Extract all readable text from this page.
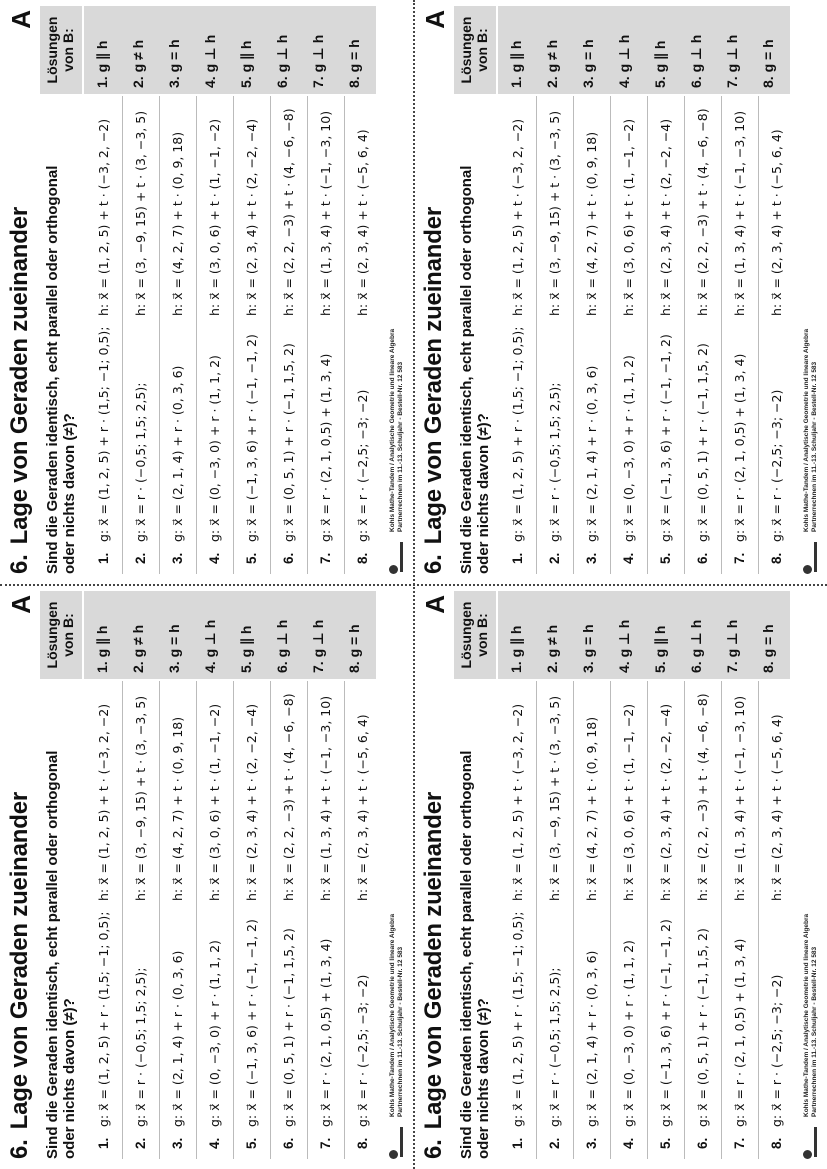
6.Lage von Geraden zueinander
A
Sind die Geraden identisch, echt parallel oder orthogonal oder nichts davon (≠)?
Lösungen von B:	1. g ∥ h 2. g ≠ h 3. g = h 4. g ⊥ h 5. g ∥ h 6. g ⊥ h 7. g ⊥ h 8. g = h
1.
g: x⃗ = (1, 2, 5) + r · (1,5; −1; 0,5);
h: x⃗ = (1, 2, 5) + t · (−3, 2, −2)
2.
g: x⃗ = r · (−0,5; 1,5; 2,5);
h: x⃗ = (3, −9, 15) + t · (3, −3, 5)
3.
g: x⃗ = (2, 1, 4) + r · (0, 3, 6)
h: x⃗ = (4, 2, 7) + t · (0, 9, 18)
4.
g: x⃗ = (0, −3, 0) + r · (1, 1, 2)
h: x⃗ = (3, 0, 6) + t · (1, −1, −2)
5.
g: x⃗ = (−1, 3, 6) + r · (−1, −1, 2)
h: x⃗ = (2, 3, 4) + t · (2, −2, −4)
6.
g: x⃗ = (0, 5, 1) + r · (−1, 1,5, 2)
h: x⃗ = (2, 2, −3) + t · (4, −6, −8)
7.
g: x⃗ = r · (2, 1, 0,5) + (1, 3, 4)
h: x⃗ = (1, 3, 4) + t · (−1, −3, 10)
8.
g: x⃗ = r · (−2,5; −3; −2)
h: x⃗ = (2, 3, 4) + t · (−5, 6, 4)
Kohls Mathe-Tandem / Analytische Geometrie und lineare Algebra Partnerrechnen im 11.-13. Schuljahr - Bestell-Nr. 12 583
6.Lage von Geraden zueinander
A
Sind die Geraden identisch, echt parallel oder orthogonal oder nichts davon (≠)?
Lösungen von B:	1. g ∥ h 2. g ≠ h 3. g = h 4. g ⊥ h 5. g ∥ h 6. g ⊥ h 7. g ⊥ h 8. g = h
1.
g: x⃗ = (1, 2, 5) + r · (1,5; −1; 0,5);
h: x⃗ = (1, 2, 5) + t · (−3, 2, −2)
2.
g: x⃗ = r · (−0,5; 1,5; 2,5);
h: x⃗ = (3, −9, 15) + t · (3, −3, 5)
3.
g: x⃗ = (2, 1, 4) + r · (0, 3, 6)
h: x⃗ = (4, 2, 7) + t · (0, 9, 18)
4.
g: x⃗ = (0, −3, 0) + r · (1, 1, 2)
h: x⃗ = (3, 0, 6) + t · (1, −1, −2)
5.
g: x⃗ = (−1, 3, 6) + r · (−1, −1, 2)
h: x⃗ = (2, 3, 4) + t · (2, −2, −4)
6.
g: x⃗ = (0, 5, 1) + r · (−1, 1,5, 2)
h: x⃗ = (2, 2, −3) + t · (4, −6, −8)
7.
g: x⃗ = r · (2, 1, 0,5) + (1, 3, 4)
h: x⃗ = (1, 3, 4) + t · (−1, −3, 10)
8.
g: x⃗ = r · (−2,5; −3; −2)
h: x⃗ = (2, 3, 4) + t · (−5, 6, 4)
Kohls Mathe-Tandem / Analytische Geometrie und lineare Algebra Partnerrechnen im 11.-13. Schuljahr - Bestell-Nr. 12 583
6.Lage von Geraden zueinander
A
Sind die Geraden identisch, echt parallel oder orthogonal oder nichts davon (≠)?
Lösungen von B:	1. g ∥ h 2. g ≠ h 3. g = h 4. g ⊥ h 5. g ∥ h 6. g ⊥ h 7. g ⊥ h 8. g = h
1.
g: x⃗ = (1, 2, 5) + r · (1,5; −1; 0,5);
h: x⃗ = (1, 2, 5) + t · (−3, 2, −2)
2.
g: x⃗ = r · (−0,5; 1,5; 2,5);
h: x⃗ = (3, −9, 15) + t · (3, −3, 5)
3.
g: x⃗ = (2, 1, 4) + r · (0, 3, 6)
h: x⃗ = (4, 2, 7) + t · (0, 9, 18)
4.
g: x⃗ = (0, −3, 0) + r · (1, 1, 2)
h: x⃗ = (3, 0, 6) + t · (1, −1, −2)
5.
g: x⃗ = (−1, 3, 6) + r · (−1, −1, 2)
h: x⃗ = (2, 3, 4) + t · (2, −2, −4)
6.
g: x⃗ = (0, 5, 1) + r · (−1, 1,5, 2)
h: x⃗ = (2, 2, −3) + t · (4, −6, −8)
7.
g: x⃗ = r · (2, 1, 0,5) + (1, 3, 4)
h: x⃗ = (1, 3, 4) + t · (−1, −3, 10)
8.
g: x⃗ = r · (−2,5; −3; −2)
h: x⃗ = (2, 3, 4) + t · (−5, 6, 4)
Kohls Mathe-Tandem / Analytische Geometrie und lineare Algebra Partnerrechnen im 11.-13. Schuljahr - Bestell-Nr. 12 583
6.Lage von Geraden zueinander
A
Sind die Geraden identisch, echt parallel oder orthogonal oder nichts davon (≠)?
Lösungen von B:	1. g ∥ h 2. g ≠ h 3. g = h 4. g ⊥ h 5. g ∥ h 6. g ⊥ h 7. g ⊥ h 8. g = h
1.
g: x⃗ = (1, 2, 5) + r · (1,5; −1; 0,5);
h: x⃗ = (1, 2, 5) + t · (−3, 2, −2)
2.
g: x⃗ = r · (−0,5; 1,5; 2,5);
h: x⃗ = (3, −9, 15) + t · (3, −3, 5)
3.
g: x⃗ = (2, 1, 4) + r · (0, 3, 6)
h: x⃗ = (4, 2, 7) + t · (0, 9, 18)
4.
g: x⃗ = (0, −3, 0) + r · (1, 1, 2)
h: x⃗ = (3, 0, 6) + t · (1, −1, −2)
5.
g: x⃗ = (−1, 3, 6) + r · (−1, −1, 2)
h: x⃗ = (2, 3, 4) + t · (2, −2, −4)
6.
g: x⃗ = (0, 5, 1) + r · (−1, 1,5, 2)
h: x⃗ = (2, 2, −3) + t · (4, −6, −8)
7.
g: x⃗ = r · (2, 1, 0,5) + (1, 3, 4)
h: x⃗ = (1, 3, 4) + t · (−1, −3, 10)
8.
g: x⃗ = r · (−2,5; −3; −2)
h: x⃗ = (2, 3, 4) + t · (−5, 6, 4)
Kohls Mathe-Tandem / Analytische Geometrie und lineare Algebra Partnerrechnen im 11.-13. Schuljahr - Bestell-Nr. 12 583
